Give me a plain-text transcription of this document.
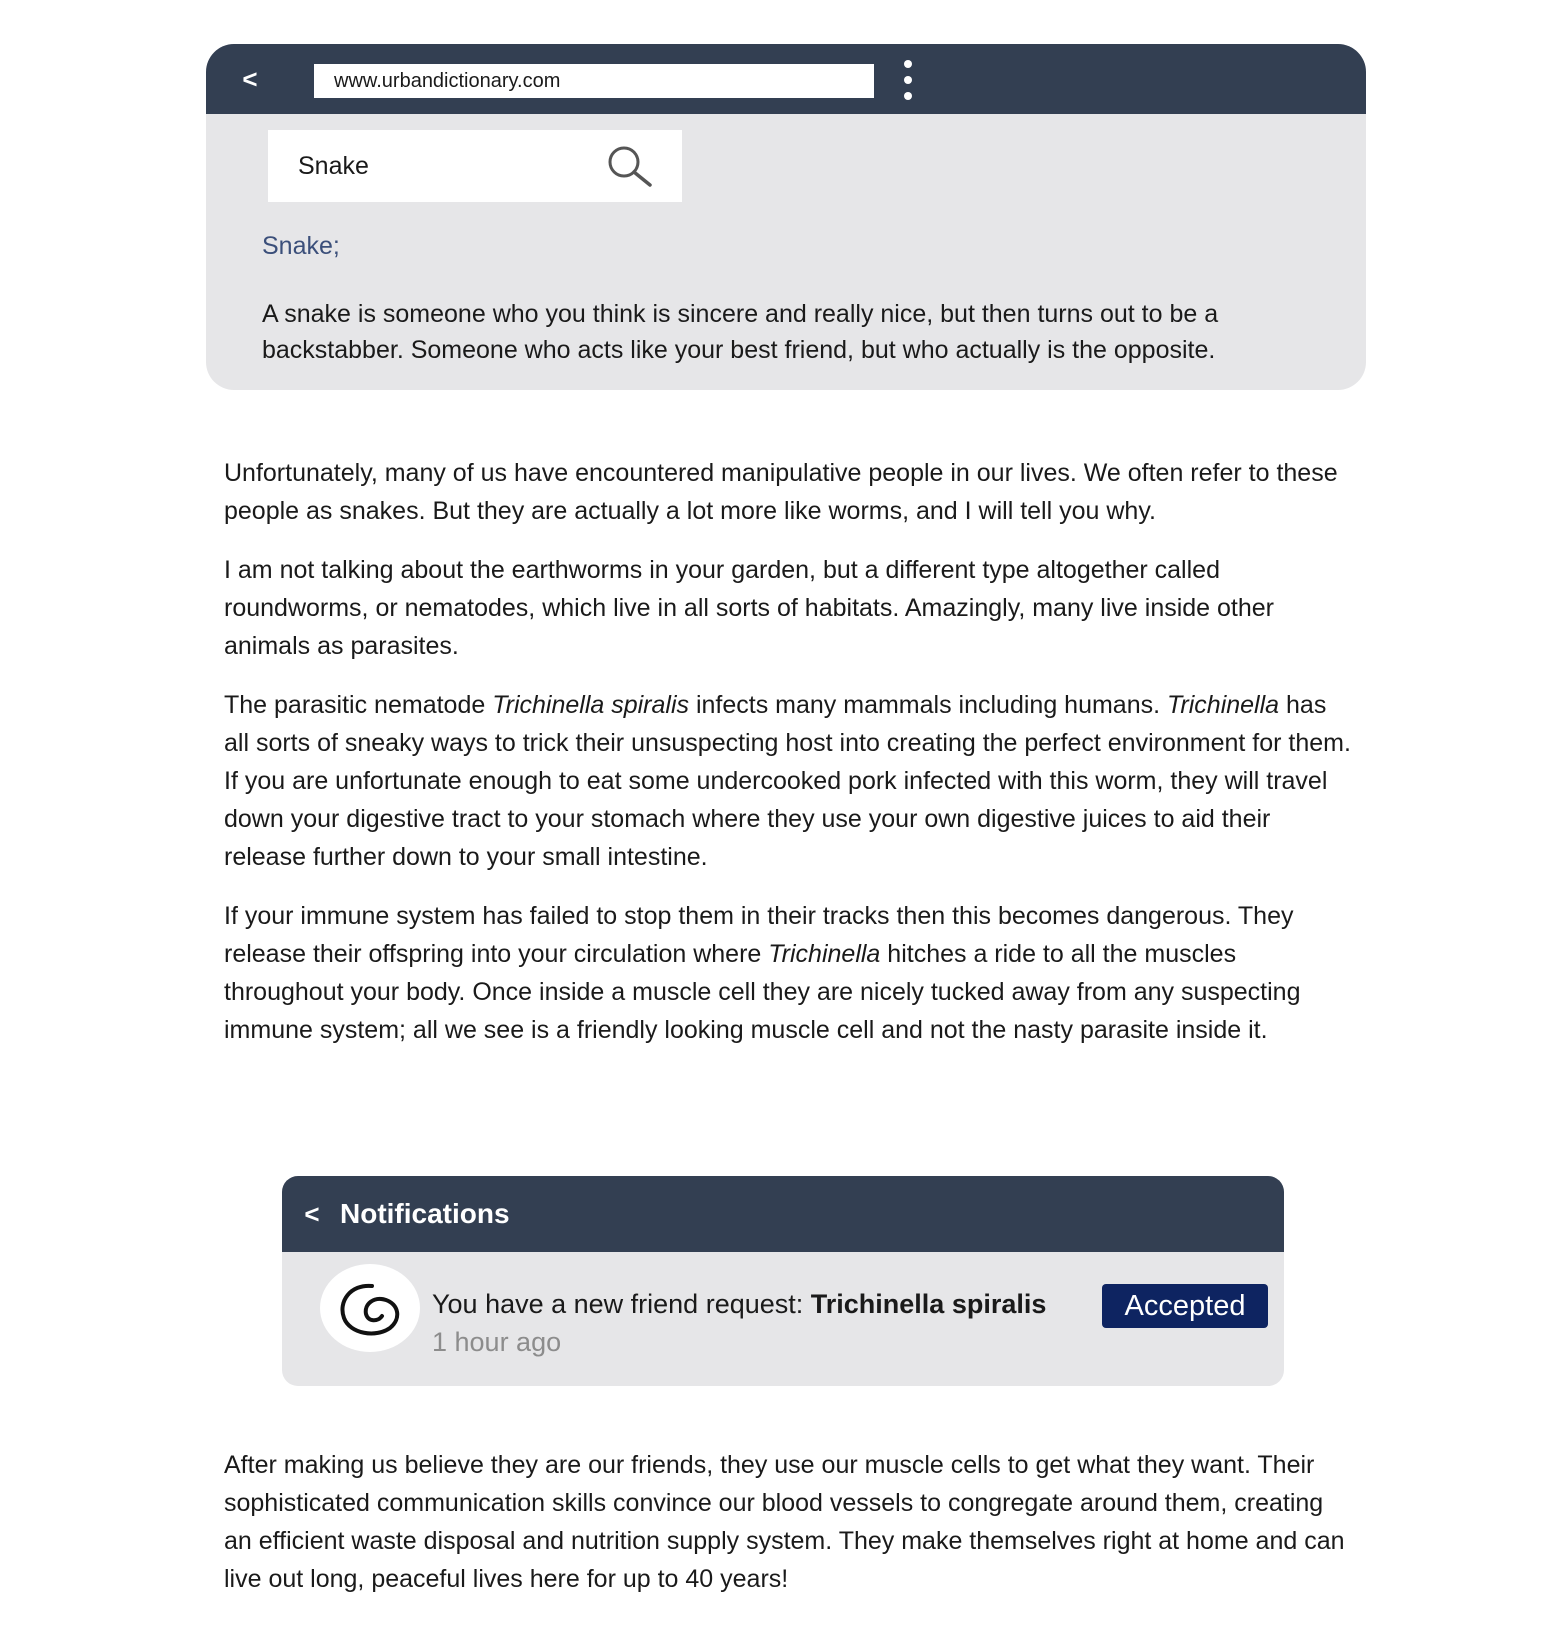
<
www.urbandictionary.com
Snake
Snake;
A snake is someone who you think is sincere and really nice, but then turns out to be a backstabber. Someone who acts like your best friend, but who actually is the opposite.

Unfortunately, many of us have encountered manipulative people in our lives. We often refer to these people as snakes. But they are actually a lot more like worms, and I will tell you why.

I am not talking about the earthworms in your garden, but a different type altogether called roundworms, or nematodes, which live in all sorts of habitats. Amazingly, many live inside other animals as parasites.

The parasitic nematode Trichinella spiralis infects many mammals including humans. Trichinella has all sorts of sneaky ways to trick their unsuspecting host into creating the perfect environment for them. If you are unfortunate enough to eat some undercooked pork infected with this worm, they will travel down your digestive tract to your stomach where they use your own digestive juices to aid their release further down to your small intestine.

If your immune system has failed to stop them in their tracks then this becomes dangerous. They release their offspring into your circulation where Trichinella hitches a ride to all the muscles throughout your body. Once inside a muscle cell they are nicely tucked away from any suspecting immune system; all we see is a friendly looking muscle cell and not the nasty parasite inside it.

< Notifications
You have a new friend request: Trichinella spiralis
1 hour ago
Accepted

After making us believe they are our friends, they use our muscle cells to get what they want. Their sophisticated communication skills convince our blood vessels to congregate around them, creating an efficient waste disposal and nutrition supply system. They make themselves right at home and can live out long, peaceful lives here for up to 40 years!
